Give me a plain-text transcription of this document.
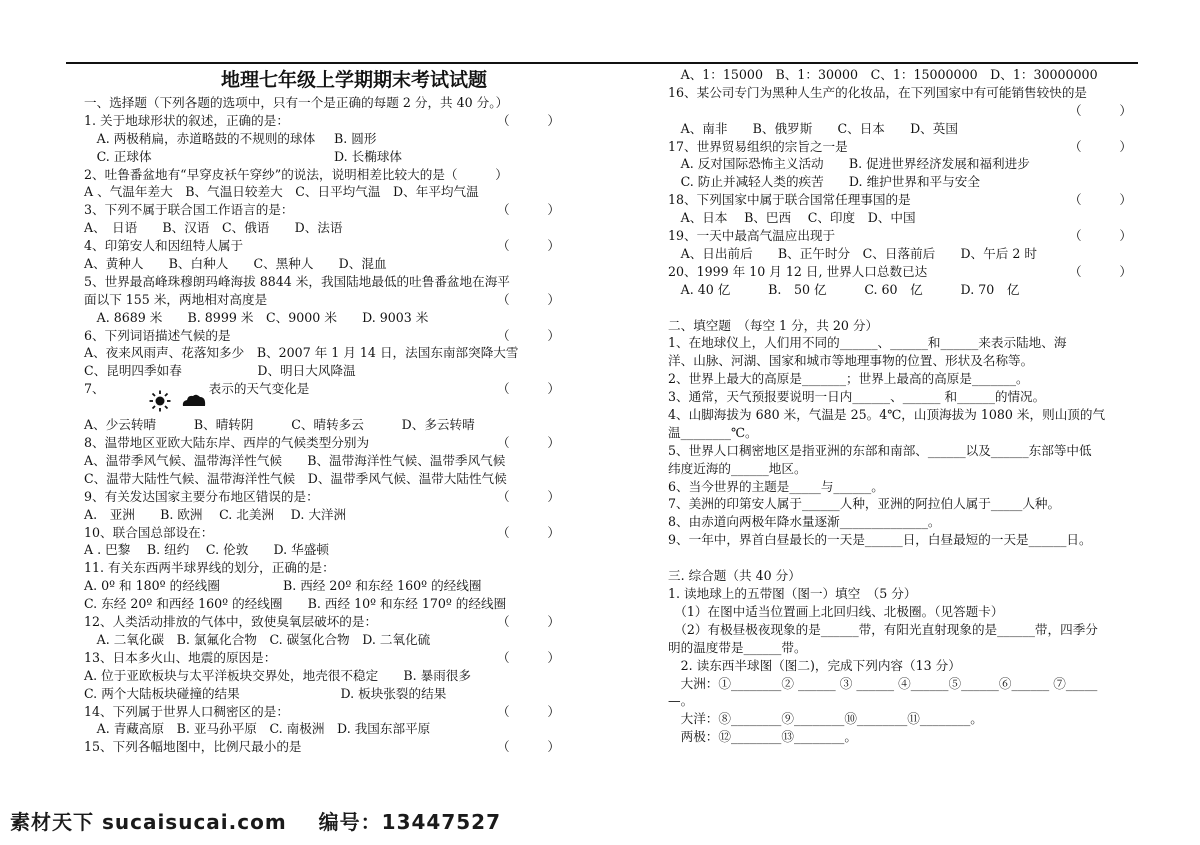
地理七年级上学期期末考试试题
一、选择题（下列各题的选项中，只有一个是正确的每题 2 分，共 40 分。）
1. 关于地球形状的叙述，正确的是：	（　　　）
　A. 两极稍扁，赤道略鼓的不规则的球体 B. 圆形
　C. 正球体	D. 长椭球体
2、吐鲁番盆地有“早穿皮袄午穿纱”的说法，说明相差比较大的是（　　　）
A 、气温年差大　B、气温日较差大　C、日平均气温　D、年平均气温
3、下列不属于联合国工作语言的是：	（　　　）
A、　日语　　B、汉语　C、俄语　　D、法语
4、印第安人和因纽特人属于	（　　　）
A、黄种人　　B、白种人　　C、黑种人　　D、混血
5、世界最高峰珠穆朗玛峰海拔 8844 米，我国陆地最低的吐鲁番盆地在海平
面以下 155 米，两地相对高度是	（　　　）
　A. 8689 米　　B. 8999 米　C、9000 米　　D. 9003 米
6、下列词语描述气候的是	（　　　）
A、夜来风雨声、花落知多少　B、2007 年 1 月 14 日，法国东南部突降大雪
C、昆明四季如春　　　　　　D、明日大风降温
7、	表示的天气变化是	（　　　）
A、少云转晴　　　B、晴转阴　　　C、晴转多云　　　D、多云转晴
8、温带地区亚欧大陆东岸、西岸的气候类型分别为	（　　　）
A、温带季风气候、温带海洋性气候　　B、温带海洋性气候、温带季风气候
C、温带大陆性气候、温带海洋性气候　D、温带季风气候、温带大陆性气候
9、有关发达国家主要分布地区错误的是：	（　　　）
A.　亚洲　　B. 欧洲　 C. 北美洲　 D. 大洋洲
10、联合国总部设在：	（　　　）
A . 巴黎　 B. 纽约　 C. 伦敦　　D. 华盛顿
11. 有关东西两半球界线的划分，正确的是：
A. 0º 和 180º 的经线圈　　　　　B. 西经 20º 和东经 160º 的经线圈
C. 东经 20º 和西经 160º 的经线圈　　B. 西经 10º 和东经 170º 的经线圈
12、人类活动排放的气体中，致使臭氧层破坏的是：	（　　　）
　A. 二氧化碳　B. 氯氟化合物　C. 碳氢化合物　D. 二氧化硫
13、日本多火山、地震的原因是：	（　　　）
A. 位于亚欧板块与太平洋板块交界处，地壳很不稳定　　B. 暴雨很多
C. 两个大陆板块碰撞的结果　　　　　　　　D. 板块张裂的结果
14、下列属于世界人口稠密区的是：	（　　　）
　A. 青藏高原　B. 亚马孙平原　C. 南极洲　D. 我国东部平原
15、下列各幅地图中，比例尺最小的是	（　　　）
　A、1：15000　B、1：30000　C、1：15000000　D、1：30000000
16、某公司专门为黑种人生产的化妆品，在下列国家中有可能销售较快的是
（　　　）
　A、南非　　B、俄罗斯　　C、日本　　D、英国
17、世界贸易组织的宗旨之一是	（　　　）
　A. 反对国际恐怖主义活动　　B. 促进世界经济发展和福利进步
　C. 防止并减轻人类的疾苦　　D. 维护世界和平与安全
18、下列国家中属于联合国常任理事国的是	（　　　）
　A、日本　 B、巴西　 C、印度　D、中国
19、一天中最高气温应出现于	（　　　）
　A、日出前后　　B、正午时分　C、日落前后　　D、午后 2 时
20、1999 年 10 月 12 日, 世界人口总数已达	（　　　）
　A. 40 亿　　　B.　50 亿　　　C. 60　亿　　　D. 70　亿
二、填空题　（每空 1 分，共 20 分）
1、在地球仪上，人们用不同的______、______和______来表示陆地、海
洋、山脉、河湖、国家和城市等地理事物的位置、形状及名称等。
2、世界上最大的高原是_______；世界上最高的高原是_______。
3、通常，天气预报要说明一日内______、______ 和______的情况。
4、山脚海拔为 680 米，气温是 25。4℃，山顶海拔为 1080 米，则山顶的气
温________℃。
5、世界人口稠密地区是指亚洲的东部和南部、______以及______东部等中低
纬度近海的______地区。
6、当今世界的主题是_____与______。
7、美洲的印第安人属于______人种，亚洲的阿拉伯人属于_____人种。
8、由赤道向两极年降水量逐渐______________。
9、一年中，界首白昼最长的一天是______日，白昼最短的一天是______日。
三. 综合题（共 40 分）
1. 读地球上的五带图（图一）填空　（5 分）
　（1）在图中适当位置画上北回归线、北极圈。（见答题卡）
　（2）有极昼极夜现象的是______带，有阳光直射现象的是______带，四季分
明的温度带是______带。
　2. 读东西半球图（图二)，完成下列内容（13 分）
　大洲：①________② ______ ③ ______ ④______⑤______⑥______ ⑦_____
—。
　大洋：⑧________⑨________⑩________⑪________。
　两极：⑫________⑬________。
素材天下 sucaisucai.com 编号：13447527
